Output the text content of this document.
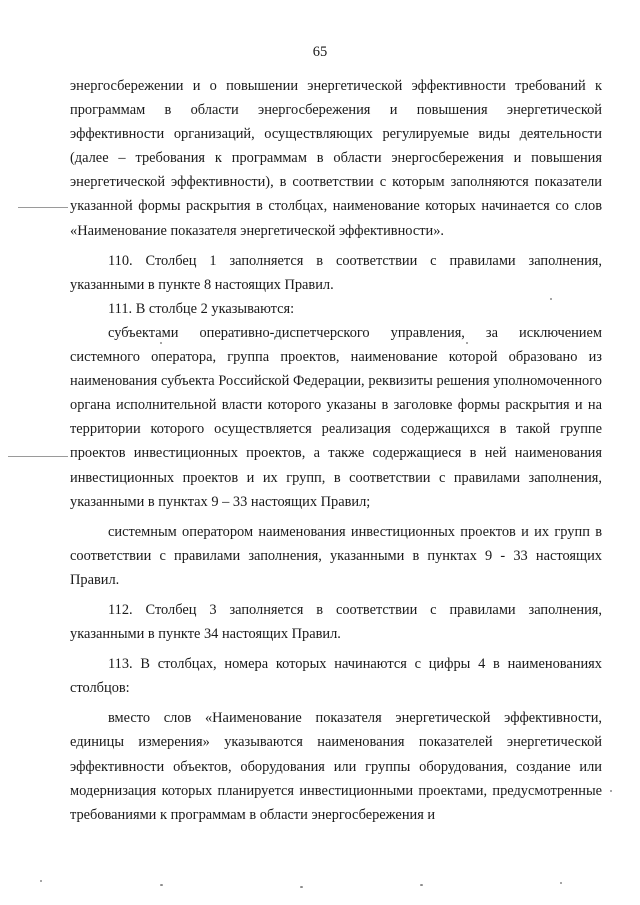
65

энергосбережении и о повышении энергетической эффективности требований к программам в области энергосбережения и повышения энергетической эффективности организаций, осуществляющих регулируемые виды деятельности (далее – требования к программам в области энергосбережения и повышения энергетической эффективности), в соответствии с которым заполняются показатели указанной формы раскрытия в столбцах, наименование которых начинается со слов «Наименование показателя энергетической эффективности».

110. Столбец 1 заполняется в соответствии с правилами заполнения, указанными в пункте 8 настоящих Правил.

111. В столбце 2 указываются:

субъектами оперативно-диспетчерского управления, за исключением системного оператора, группа проектов, наименование которой образовано из наименования субъекта Российской Федерации, реквизиты решения уполномоченного органа исполнительной власти которого указаны в заголовке формы раскрытия и на территории которого осуществляется реализация содержащихся в такой группе проектов инвестиционных проектов, а также содержащиеся в ней наименования инвестиционных проектов и их групп, в соответствии с правилами заполнения, указанными в пунктах 9 – 33 настоящих Правил;

системным оператором наименования инвестиционных проектов и их групп в соответствии с правилами заполнения, указанными в пунктах 9 - 33 настоящих Правил.

112. Столбец 3 заполняется в соответствии с правилами заполнения, указанными в пункте 34 настоящих Правил.

113. В столбцах, номера которых начинаются с цифры 4 в наименованиях столбцов:

вместо слов «Наименование показателя энергетической эффективности, единицы измерения» указываются наименования показателей энергетической эффективности объектов, оборудования или группы оборудования, создание или модернизация которых планируется инвестиционными проектами, предусмотренные требованиями к программам в области энергосбережения и
